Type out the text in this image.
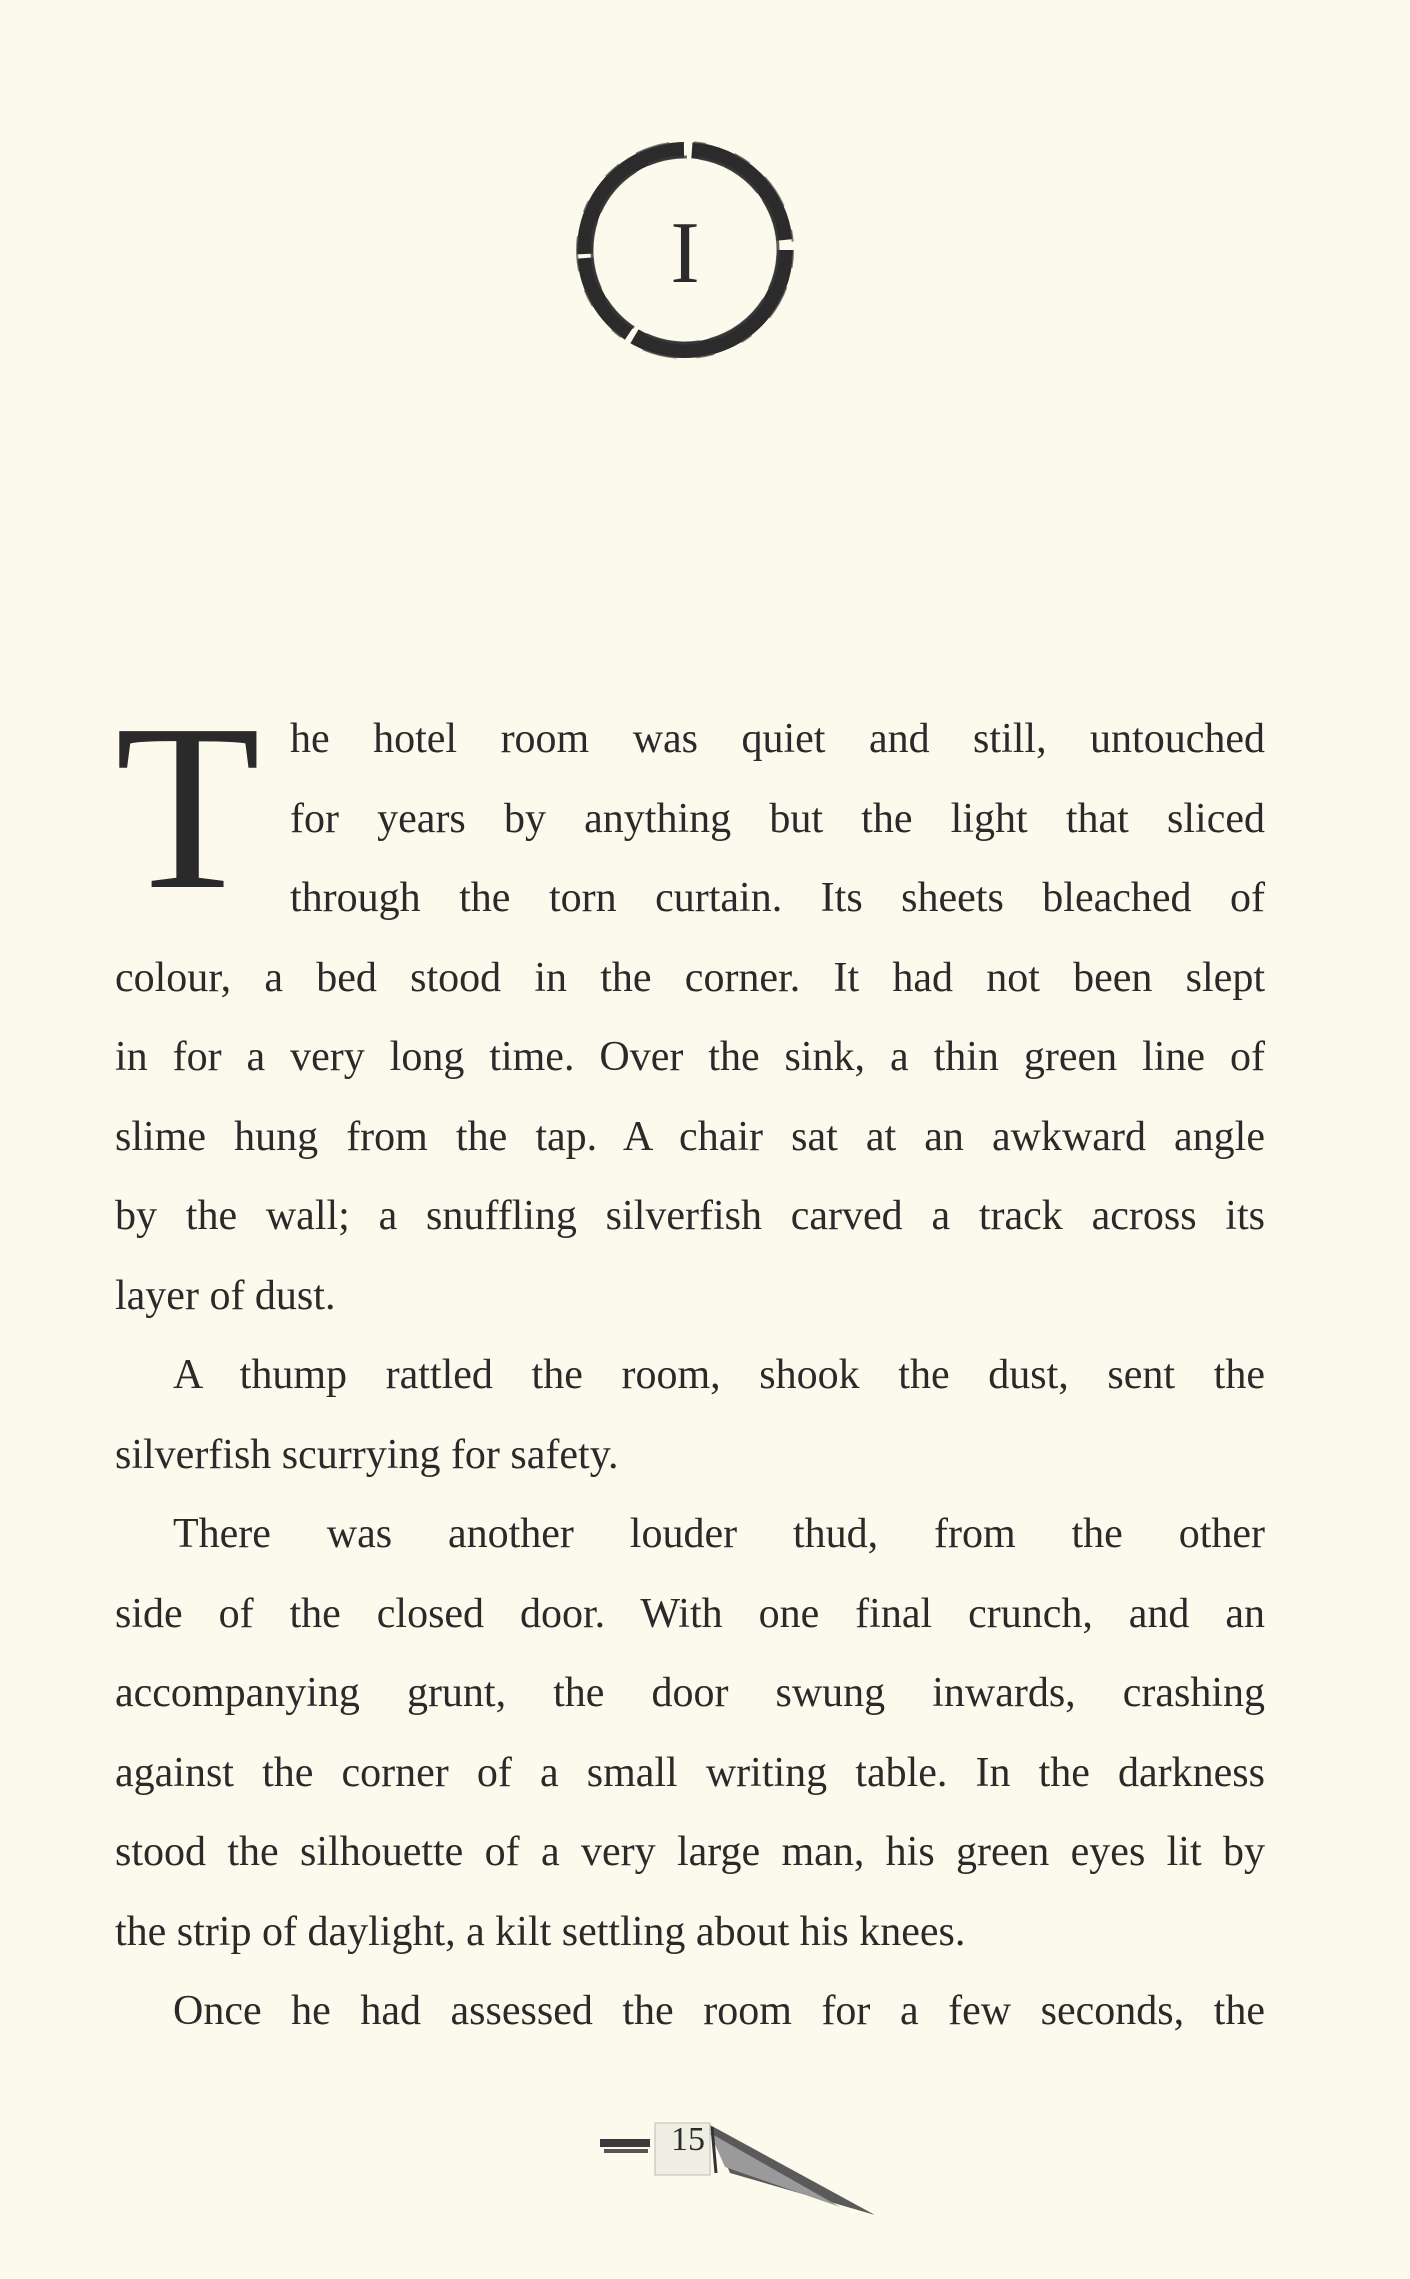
I
T he hotel room was quiet and still, untouched
for years by anything but the light that sliced
through the torn curtain. Its sheets bleached of
colour, a bed stood in the corner. It had not been slept
in for a very long time. Over the sink, a thin green line of
slime hung from the tap. A chair sat at an awkward angle
by the wall; a snuffling silverfish carved a track across its
layer of dust.
A thump rattled the room, shook the dust, sent the
silverfish scurrying for safety.
There was another louder thud, from the other
side of the closed door. With one final crunch, and an
accompanying grunt, the door swung inwards, crashing
against the corner of a small writing table. In the darkness
stood the silhouette of a very large man, his green eyes lit by
the strip of daylight, a kilt settling about his knees.
Once he had assessed the room for a few seconds, the
15
